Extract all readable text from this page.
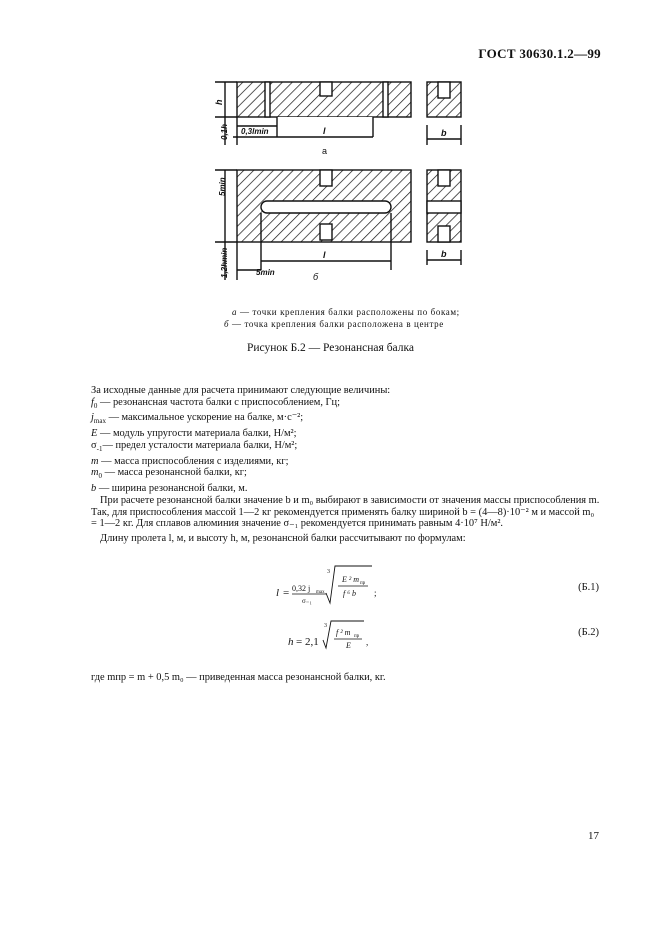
ГОСТ 30630.1.2—99
h
0,1h 0,3lmin	l	b
а
5min
1,2hmin	5min
l	b
б
а — точки крепления балки расположены по бокам;
б — точка крепления балки расположена в центре
Рисунок Б.2 — Резонансная балка

За исходные данные для расчета принимают следующие величины:

$f_0$ — резонансная частота балки с приспособлением, Гц;

$j_{max}$ — максимальное ускорение на балке, м·с⁻²;

E — модуль упругости материала балки, Н/м²;

$\sigma_{-1}—$ предел усталости материала балки, Н/м²;

m — масса приспособления с изделиями, кг;

$m_0$ — масса резонансной балки, кг;

b — ширина резонансной балки, м.

При расчете резонансной балки значение b и m₀ выбирают в зависимости от значения массы приспособления m. Так, для приспособления массой 1—2 кг рекомендуется применять балку шириной b = (4—8)·10⁻² м и массой m₀ = 1—2 кг. Для сплавов алюминия значение σ₋₁ рекомендуется принимать равным 4·10⁷ Н/м².

Длину пролета l, м, и высоту h, м, резонансной балки рассчитывают по формулам:

l = 0,32 j max
σ₋₁
3
E ² m пр
f ⁶ b ;	(Б.1)
h = 2,1
3
f ² m пр
E ,
(Б.2)
где mпр = m + 0,5 m₀ — приведенная масса резонансной балки, кг.
17
